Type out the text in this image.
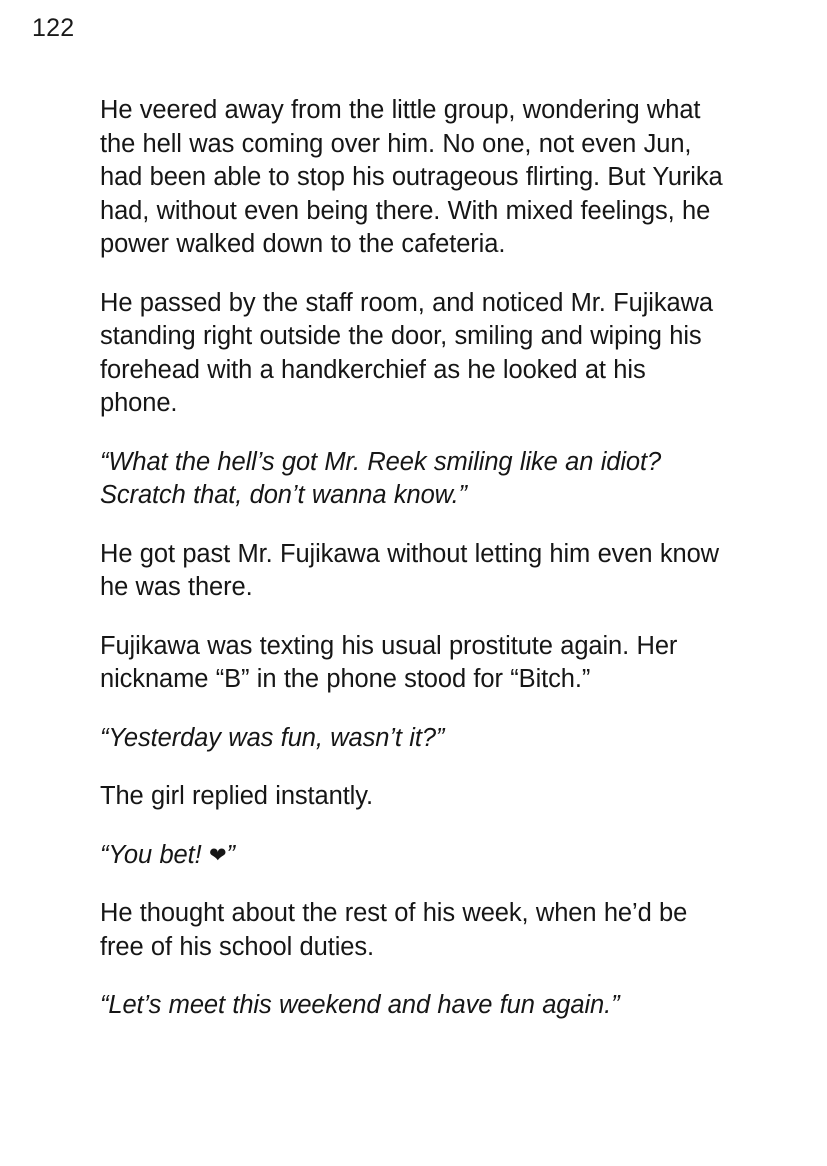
122

He veered away from the little group, wondering what the hell was coming over him. No one, not even Jun, had been able to stop his outrageous flirting. But Yurika had, without even being there. With mixed feelings, he power walked down to the cafeteria.

He passed by the staff room, and noticed Mr. Fujikawa standing right outside the door, smiling and wiping his forehead with a handkerchief as he looked at his phone.

“What the hell’s got Mr. Reek smiling like an idiot? Scratch that, don’t wanna know.”

He got past Mr. Fujikawa without letting him even know he was there.

Fujikawa was texting his usual prostitute again. Her nickname “B” in the phone stood for “Bitch.”

“Yesterday was fun, wasn’t it?”

The girl replied instantly.

“You bet! ❤”

He thought about the rest of his week, when he’d be free of his school duties.

“Let’s meet this weekend and have fun again.”
